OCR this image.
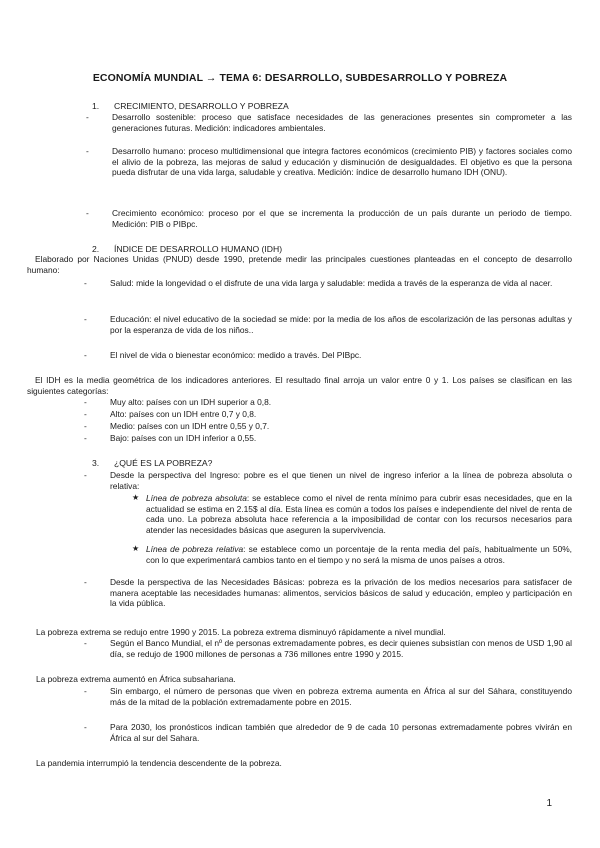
ECONOMÍA MUNDIAL → TEMA 6: DESARROLLO, SUBDESARROLLO Y POBREZA
1. CRECIMIENTO, DESARROLLO Y POBREZA
-	Desarrollo sostenible: proceso que satisface necesidades de las generaciones presentes sin comprometer a las generaciones futuras. Medición: indicadores ambientales.
-	Desarrollo humano: proceso multidimensional que integra factores económicos (crecimiento PIB) y factores sociales como el alivio de la pobreza, las mejoras de salud y educación y disminución de desigualdades. El objetivo es que la persona pueda disfrutar de una vida larga, saludable y creativa. Medición: índice de desarrollo humano IDH (ONU).
-	Crecimiento económico: proceso por el que se incrementa la producción de un país durante un periodo de tiempo. Medición: PIB o PIBpc.
2. ÍNDICE DE DESARROLLO HUMANO (IDH)
Elaborado por Naciones Unidas (PNUD) desde 1990, pretende medir las principales cuestiones planteadas en el concepto de desarrollo humano:
-	Salud: mide la longevidad o el disfrute de una vida larga y saludable: medida a través de la esperanza de vida al nacer.
-	Educación: el nivel educativo de la sociedad se mide: por la media de los años de escolarización de las personas adultas y por la esperanza de vida de los niños..
-	El nivel de vida o bienestar económico: medido a través. Del PIBpc.
El IDH es la media geométrica de los indicadores anteriores. El resultado final arroja un valor entre 0 y 1. Los países se clasifican en las siguientes categorías:
-	Muy alto: países con un IDH superior a 0,8.
-	Alto: países con un IDH entre 0,7 y 0,8.
-	Medio: países con un IDH entre 0,55 y 0,7.
-	Bajo: países con un IDH inferior a 0,55.
3. ¿QUÉ ES LA POBREZA?
-	Desde la perspectiva del Ingreso: pobre es el que tienen un nivel de ingreso inferior a la línea de pobreza absoluta o relativa:
★ Línea de pobreza absoluta: se establece como el nivel de renta mínimo para cubrir esas necesidades, que en la actualidad se estima en 2.15$ al día. Esta línea es común a todos los países e independiente del nivel de renta de cada uno. La pobreza absoluta hace referencia a la imposibilidad de contar con los recursos necesarios para atender las necesidades básicas que aseguren la supervivencia.
★ Línea de pobreza relativa: se establece como un porcentaje de la renta media del país, habitualmente un 50%, con lo que experimentará cambios tanto en el tiempo y no será la misma de unos países a otros.
-	Desde la perspectiva de las Necesidades Básicas: pobreza es la privación de los medios necesarios para satisfacer de manera aceptable las necesidades humanas: alimentos, servicios básicos de salud y educación, empleo y participación en la vida pública.
La pobreza extrema se redujo entre 1990 y 2015. La pobreza extrema disminuyó rápidamente a nivel mundial.
-	Según el Banco Mundial, el nº de personas extremadamente pobres, es decir quienes subsistían con menos de USD 1,90 al día, se redujo de 1900 millones de personas a 736 millones entre 1990 y 2015.
La pobreza extrema aumentó en África subsahariana.
-	Sin embargo, el número de personas que viven en pobreza extrema aumenta en África al sur del Sáhara, constituyendo más de la mitad de la población extremadamente pobre en 2015.
-	Para 2030, los pronósticos indican también que alrededor de 9 de cada 10 personas extremadamente pobres vivirán en África al sur del Sahara.
La pandemia interrumpió la tendencia descendente de la pobreza.
1
